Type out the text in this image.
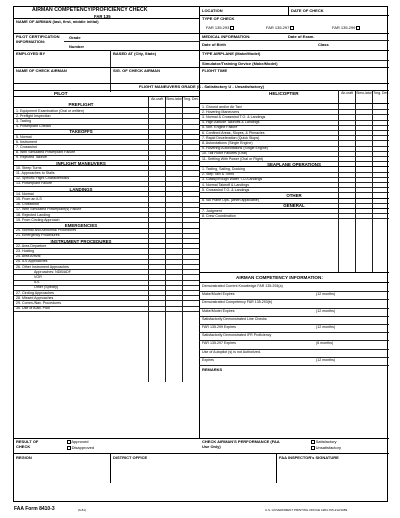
AIRMAN COMPETENCY/PROFICIENCY CHECK
FAR 135
LOCATION	DATE OF CHECK
NAME OF AIRMAN (last, first, middle initial)
TYPE OF CHECK
FAR 135.293	FAR 135.297	FAR 135.299
PILOT CERTIFICATION INFORMATION:
Grade
Number
MEDICAL INFORMATION:	Date of Exam.
Date of Birth	Class
EMPLOYED BY	BASED AT (City, State)	TYPE AIRPLANE (Make/Model)
Simulator/Training Device (Make/Model)
NAME OF CHECK AIRMAN	SIG. OF CHECK AIRMAN	FLIGHT TIME
FLIGHT MANEUVERS GRADE (S - Satisfactory U - Unsatisfactory)
PILOT	HELICOPTER
Air-craft Simu-lator Trng. Dev.
Air-craft Simu-lator Trng. Dev.
AIRMAN COMPETENCY INFORMATION:
REMARKS
RESULT OF CHECK
Approved
Disapproved
CHECK AIRMAN'S PERFORMANCE (FAA Use Only)
Satisfactory
Unsatisfactory
REGION	DISTRICT OFFICE	FAA INSPECTOR's SIGNATURE
PREFLIGHT
1. Equipment Examination (Oral or written)
2. Preflight Inspection
3. Taxiing
4. Powerplant Checks
TAKEOFFS
5. Normal
6. Instrument
7. Crosswind
8. With Simulated Powerplant Failure
9. Rejected Takeoff
INFLIGHT MANEUVERS
10. Steep Turns
11. Approaches to Stalls
12. Specific Flight Characteristics
13. Powerplant Failure
LANDINGS
14. Normal
15. From an ILS
16. Crosswind
17. With Simulated Powerplant(s) Failure
18. Rejected Landing
19. From Circling Approach
EMERGENCIES
20. Normal and Abnormal Procedures
21. Emergency Procedures
INSTRUMENT PROCEDURES
22. Area Departure
23. Holding
24. Area Arrival
25. ILS Approaches
26. Other Instrument Approaches
Approaches: NDB/ADF
VOR
ILS
Other (Specify)
27. Circling Approaches
28. Missed Approaches
29. Comm./Nav. Procedures
30. Use of Auto. Pilot
1. Ground and/or Air Taxi
2. Hovering Maneuvers
3. Normal & Crosswind T.O. & Landings
4. High Altitude Takeoffs & Landings
5. Sim. Engine Failure
6. Confined Areas, Slopes, & Pinnacles
7. Rapid Deceleration (Quick Stops)
8. Autorotations (Single Engine)
9. Hovering Autorotations (Single Engine)
10. Tail Rotor Failures (Oral)
11. Settling With Power (Oral or Flight)
SEAPLANE OPERATIONS
1. Taxiing, Sailing, Docking
2. Step Taxi & Turns
3. Glassy/Rough Water T.O./Landings
4. Normal Takeoff & Landings
5. Crosswind T.O. & Landings
OTHER
6. Ski Plane Ops. (when applicable)
GENERAL
7. Judgment
8. Crew Coordination
Demonstrated Current Knowledge FAR 135.293(a)
Make/Model Expires	(12 months)
Demonstrated Competency FAR 135.293(b)
Make/Model Expires	(12 months)
Satisfactorily Demonstrated Line Checks
FAR 135.299 Expires	(12 months)
Satisfactorily Demonstrated IFR Proficiency
FAR 135.297 Expires	(6 months)
Use of Autopilot (s) is not Authorized.
Expires	(12 months)
FAA Form 8410-3	(6-81)	U.S. GOVERNMENT PRINTING OFFICE 1984-765-212/1089
